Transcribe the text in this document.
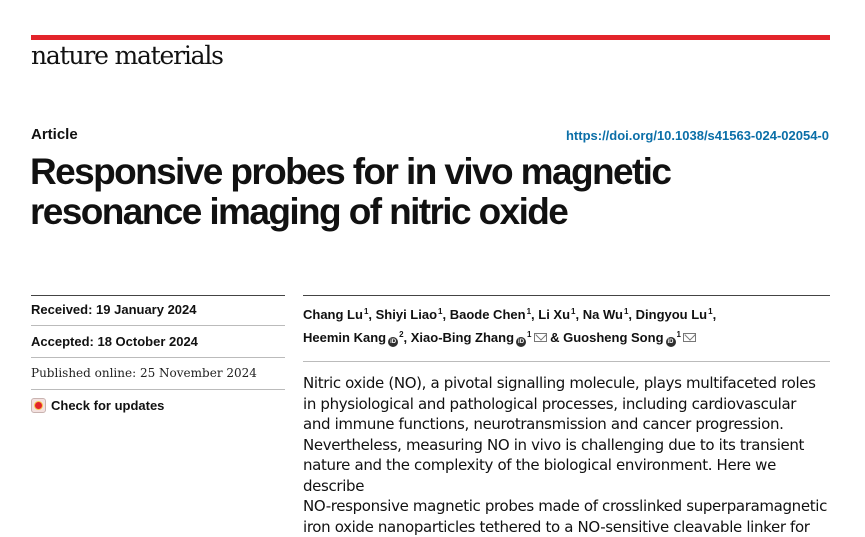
nature materials
Article	https://doi.org/10.1038/s41563-024-02054-0
Responsive probes for in vivo magnetic
resonance imaging of nitric oxide
Received: 19 January 2024
Accepted: 18 October 2024
Published online: 25 November 2024
Check for updates
Chang Lu$^1$, Shiyi Liao$^1$, Baode Chen$^1$, Li Xu$^1$, Na Wu$^1$, Dingyou Lu$^1$,
Heemin Kang $iD^2$, Xiao-Bing Zhang $iD^1$ & Guosheng Song $iD^1$

Nitric oxide (NO), a pivotal signalling molecule, plays multifaceted roles
in physiological and pathological processes, including cardiovascular
and immune functions, neurotransmission and cancer progression.
Nevertheless, measuring NO in vivo is challenging due to its transient
nature and the complexity of the biological environment. Here we describe
NO-responsive magnetic probes made of crosslinked superparamagnetic
iron oxide nanoparticles tethered to a NO-sensitive cleavable linker for
